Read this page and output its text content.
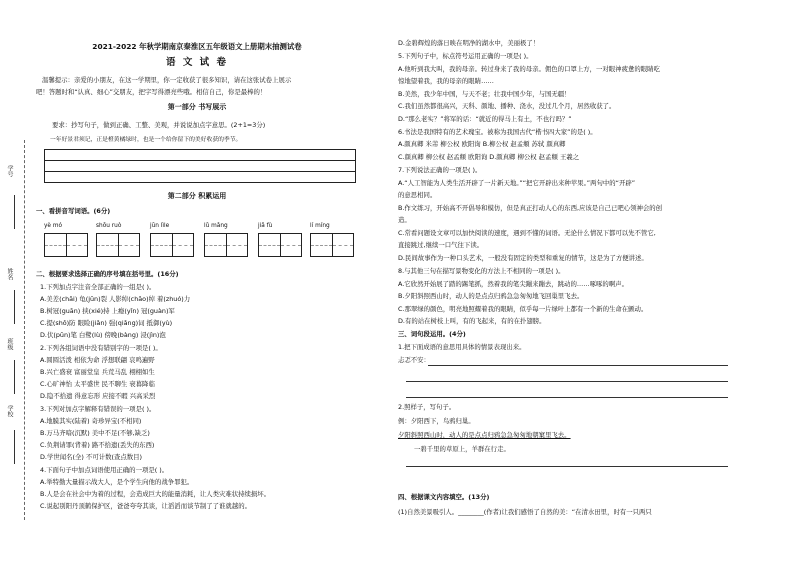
学号
姓名
班级
学校
2021-2022 年秋学期南京秦淮区五年级语文上册期末抽测试卷
语 文 试 卷
温馨提示：亲爱的小朋友，在这一学期里，你一定收获了很多知识，请在这张试卷上展示
吧！答题时和“认真、细心”交朋友，把字写得漂亮些哦。相信自己，你是最棒的！
第一部分 书写展示
要求：抄写句子，做到正确、工整、美观，并说说加点字意思。(2+1=3分)
一年好景君须记，正是橙黄橘绿时，也是一个给你留下的美好收获的季节。
第二部分 积累运用
一、看拼音写词语。(6分)
yè mó	shōu ruò	jūn lìle	lǔ mǎng	jiǎ fù	lí míng
二、根据要求选择正确的序号填在括号里。(16分)
1.下列加点字注音全部正确的一组是( )。
A.美差(chāi) 龟(jūn)裂 人影绰(chāo)绰 着(zhuó)力
B.树冠(guān) 挟(xié)持 上瘾(yǐn) 冠(guàn)军
C.提(shǒ)防 眼睑(jiǎn) 强(qiǎng)词 抵御(yù)
D.伏(pūn)笔 白鹭(lù) 傍晚(bàng) 浸(jìn)泡
2.下列各组词语中没有错别字的一项是( )。
A.圆圆活泼 相依为命 浮想联翩 哀鸣遍野
B.兴亡盛衰 富丽堂皇 兵荒马乱 栩栩如生
C.心旷神怡 太平盛世 民不聊生 衰暮降临
D.隐不拾遗 得意忘形 应接不暇 兴高采烈
3.下列对加点字解释有错误的一项是( )。
A.地膜其实(陆着) 奇珍异宝(不相同)
B.万马齐喑(沉默) 美中不足(不够,缺乏)
C.负荆请罪(背着) 路不拾遗(丢失的东西)
D.学世闻名(全) 不可计数(查点数目)
4.下面句子中加点词语使用正确的一项是( )。
A.举特勤大量描示战大人，是个学生向他的战争罪犯。
B.人是会在社会中为着的过程，会造成巨大的能量消耗，让人类灾难状持续损坏。
C.说起别阳丹顶鹤保护区，爸爸夸夸其谈，让滔滔而谈节制了了谁就越的。
D.金碧辉煌的落日映在明净的湖水中，美丽极了！
5.下列句子中，标点符号运用正确的一项是( )。
A.他听到我大叫，我的母亲。转过身来了我的母亲。佣色的口罩上方，一对眼神疲惫的眼睛吃
惊地望着我，我的母亲的眼睛……
B.美然，我少年中国，与天不老；壮我中国少年，与国无疆！
C.我们虽然都很高兴，天科、颜地、播种、浇水，没过几个月，居然收获了。
D.“那么老实？”将军的话：“就近的得马上有土，不也行吗？”
6.书法是我国特有的艺术瑰宝。被称为我国古代“楷书四大家”的是( )。
A.颜真卿 米芾 柳公权 欧阳询 B.柳公权 赵孟頫 苏轼 颜真卿
C.颜真卿 柳公权 赵孟頫 欧阳询 D.颜真卿 柳公权 赵孟頫 王羲之
7.下列说法正确的一项是( )。
A.“人工智能为人类生活开辟了一片新天地。”“把它开辟出来种苹果。”两句中的“开辟”
的意思相同。
B.作文练习，开始高不开倡导和模仿，但是真正打动人心的东西,应该是自己已吧心领神会的创
造。
C.常看问题设文章可以加快阅读的速度，遇到不懂的词语。无论什么情况下都可以先不管它,
直接跳过,继续一口气往下读。
D.民间故事作为一种口头艺术，一般没有固定的类型和重复的情节，这是为了方便讲述。
8.与其他三句在描写景物变化的方法上不相同的一项是( )。
A.它欣然开始展了踏的踢笔抓，然着我的笔尖蹦来蹦去，跳动的……啄啄的啊声。
B.夕阳斜照西山时，动人的是点点归鸦急急匆匆地飞回巢里飞去。
C.那翠绿的颜色，明亮地照耀着我的眼睛，似乎每一片绿叶上都有一个新的生命在颤动。
D.有的站在树枝上叫，有的飞起来，有的在扑翅膀。
三、词句段运用。(4分)
1.把下面成语的意思用具体的情景表现出来。
忐忑不安：
2.照样子，写句子。
例：夕阳西下，鸟鸦归巢。
夕阳斜照西山时，动人的是点点归鸦急急匆匆地朝窠里飞去。
一碧千里的草原上，羊群在行走。
四、根据课文内容填空。(13分)
(1)自然美景吸引人。________(作者)让我们感悟了自然的美：“在清水田里，时有一只两只
